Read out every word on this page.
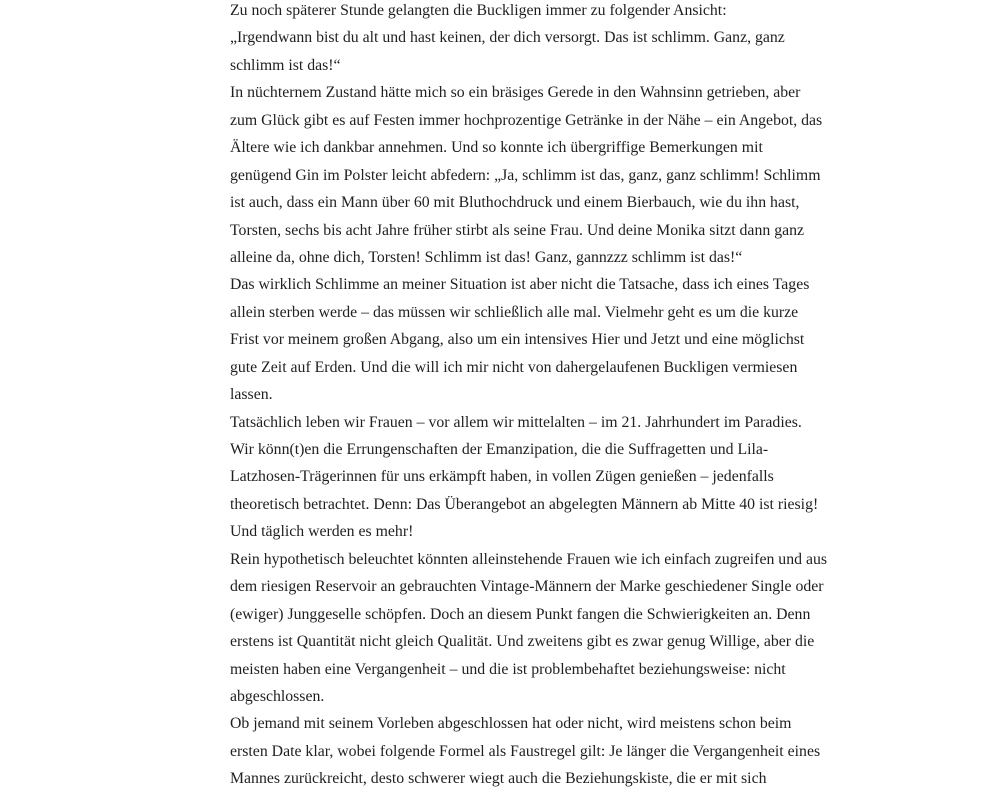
Zu noch späterer Stunde gelangten die Buckligen immer zu folgender Ansicht:
„Irgendwann bist du alt und hast keinen, der dich versorgt. Das ist schlimm. Ganz, ganz
schlimm ist das!“
In nüchternem Zustand hätte mich so ein bräsiges Gerede in den Wahnsinn getrieben, aber
zum Glück gibt es auf Festen immer hochprozentige Getränke in der Nähe – ein Angebot, das
Ältere wie ich dankbar annehmen. Und so konnte ich übergriffige Bemerkungen mit
genügend Gin im Polster leicht abfedern: „Ja, schlimm ist das, ganz, ganz schlimm! Schlimm
ist auch, dass ein Mann über 60 mit Bluthochdruck und einem Bierbauch, wie du ihn hast,
Torsten, sechs bis acht Jahre früher stirbt als seine Frau. Und deine Monika sitzt dann ganz
alleine da, ohne dich, Torsten! Schlimm ist das! Ganz, gannzzz schlimm ist das!“
Das wirklich Schlimme an meiner Situation ist aber nicht die Tatsache, dass ich eines Tages
allein sterben werde – das müssen wir schließlich alle mal. Vielmehr geht es um die kurze
Frist vor meinem großen Abgang, also um ein intensives Hier und Jetzt und eine möglichst
gute Zeit auf Erden. Und die will ich mir nicht von dahergelaufenen Buckligen vermiesen
lassen.
Tatsächlich leben wir Frauen – vor allem wir mittelalten – im 21. Jahrhundert im Paradies.
Wir könn(t)en die Errungenschaften der Emanzipation, die die Suffragetten und Lila-
Latzhosen-Trägerinnen für uns erkämpft haben, in vollen Zügen genießen – jedenfalls
theoretisch betrachtet. Denn: Das Überangebot an abgelegten Männern ab Mitte 40 ist riesig!
Und täglich werden es mehr!
Rein hypothetisch beleuchtet könnten alleinstehende Frauen wie ich einfach zugreifen und aus
dem riesigen Reservoir an gebrauchten Vintage-Männern der Marke geschiedener Single oder
(ewiger) Junggeselle schöpfen. Doch an diesem Punkt fangen die Schwierigkeiten an. Denn
erstens ist Quantität nicht gleich Qualität. Und zweitens gibt es zwar genug Willige, aber die
meisten haben eine Vergangenheit – und die ist problembehaftet beziehungsweise: nicht
abgeschlossen.
Ob jemand mit seinem Vorleben abgeschlossen hat oder nicht, wird meistens schon beim
ersten Date klar, wobei folgende Formel als Faustregel gilt: Je länger die Vergangenheit eines
Mannes zurückreicht, desto schwerer wiegt auch die Beziehungskiste, die er mit sich
